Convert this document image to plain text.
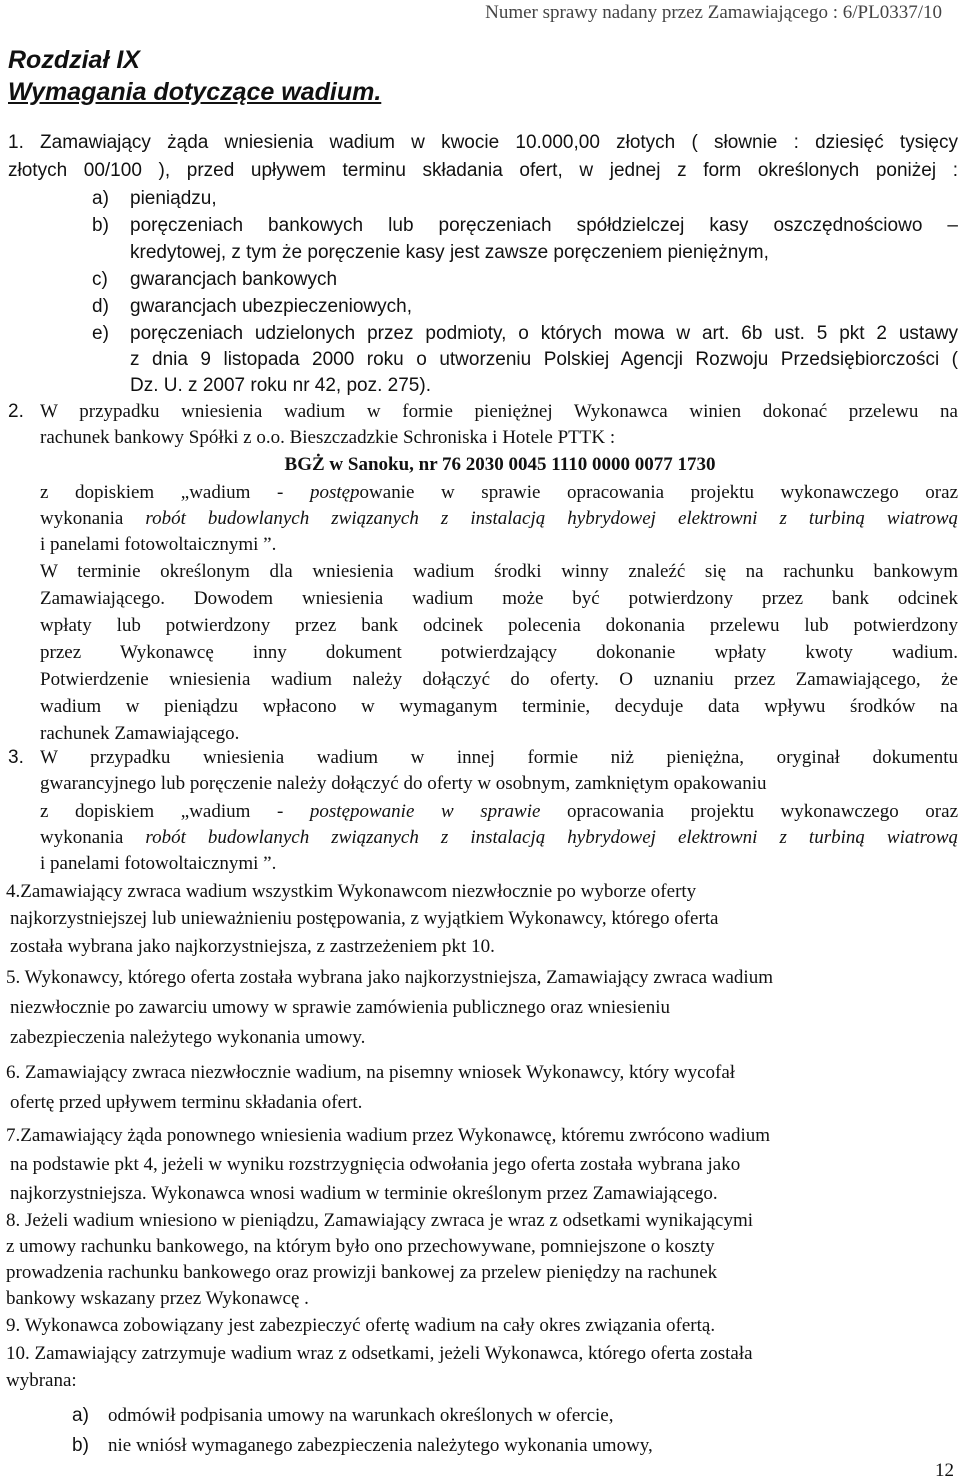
Numer sprawy nadany przez Zamawiającego : 6/PL0337/10
Rozdział IX
Wymagania dotyczące wadium.
1. Zamawiający żąda wniesienia wadium w kwocie 10.000,00 złotych ( słownie : dziesięć tysięcy
złotych 00/100 ), przed upływem terminu składania ofert, w jednej z form określonych poniżej :
a) pieniądzu,
b) poręczeniach bankowych lub poręczeniach spółdzielczej kasy oszczędnościowo –
kredytowej, z tym że poręczenie kasy jest zawsze poręczeniem pieniężnym,
c) gwarancjach bankowych
d) gwarancjach ubezpieczeniowych,
e) poręczeniach udzielonych przez podmioty, o których mowa w art. 6b ust. 5 pkt 2 ustawy
z dnia 9 listopada 2000 roku o utworzeniu Polskiej Agencji Rozwoju Przedsiębiorczości (
Dz. U. z 2007 roku nr 42, poz. 275).
2. W przypadku wniesienia wadium w formie pieniężnej Wykonawca winien dokonać przelewu na
rachunek bankowy Spółki z o.o. Bieszczadzkie Schroniska i Hotele PTTK :
BGŻ w Sanoku, nr 76 2030 0045 1110 0000 0077 1730
z dopiskiem „wadium - postępowanie w sprawie opracowania projektu wykonawczego oraz
wykonania robót budowlanych związanych z instalacją hybrydowej elektrowni z turbiną wiatrową
i panelami fotowoltaicznymi ”.
W terminie określonym dla wniesienia wadium środki winny znaleźć się na rachunku bankowym
Zamawiającego. Dowodem wniesienia wadium może być potwierdzony przez bank odcinek
wpłaty lub potwierdzony przez bank odcinek polecenia dokonania przelewu lub potwierdzony
przez Wykonawcę inny dokument potwierdzający dokonanie wpłaty kwoty wadium.
Potwierdzenie wniesienia wadium należy dołączyć do oferty. O uznaniu przez Zamawiającego, że
wadium w pieniądzu wpłacono w wymaganym terminie, decyduje data wpływu środków na
rachunek Zamawiającego.
3. W przypadku wniesienia wadium w innej formie niż pieniężna, oryginał dokumentu
gwarancyjnego lub poręczenie należy dołączyć do oferty w osobnym, zamkniętym opakowaniu
z dopiskiem „wadium - postępowanie w sprawie opracowania projektu wykonawczego oraz
wykonania robót budowlanych związanych z instalacją hybrydowej elektrowni z turbiną wiatrową
i panelami fotowoltaicznymi ”.
4.Zamawiający zwraca wadium wszystkim Wykonawcom niezwłocznie po wyborze oferty
najkorzystniejszej lub unieważnieniu postępowania, z wyjątkiem Wykonawcy, którego oferta
została wybrana jako najkorzystniejsza, z zastrzeżeniem pkt 10.
5. Wykonawcy, którego oferta została wybrana jako najkorzystniejsza, Zamawiający zwraca wadium
niezwłocznie po zawarciu umowy w sprawie zamówienia publicznego oraz wniesieniu
zabezpieczenia należytego wykonania umowy.
6. Zamawiający zwraca niezwłocznie wadium, na pisemny wniosek Wykonawcy, który wycofał
ofertę przed upływem terminu składania ofert.
7.Zamawiający żąda ponownego wniesienia wadium przez Wykonawcę, któremu zwrócono wadium
na podstawie pkt 4, jeżeli w wyniku rozstrzygnięcia odwołania jego oferta została wybrana jako
najkorzystniejsza. Wykonawca wnosi wadium w terminie określonym przez Zamawiającego.
8. Jeżeli wadium wniesiono w pieniądzu, Zamawiający zwraca je wraz z odsetkami wynikającymi
z umowy rachunku bankowego, na którym było ono przechowywane, pomniejszone o koszty
prowadzenia rachunku bankowego oraz prowizji bankowej za przelew pieniędzy na rachunek
bankowy wskazany przez Wykonawcę .
9. Wykonawca zobowiązany jest zabezpieczyć ofertę wadium na cały okres związania ofertą.
10. Zamawiający zatrzymuje wadium wraz z odsetkami, jeżeli Wykonawca, którego oferta została
wybrana:
a) odmówił podpisania umowy na warunkach określonych w ofercie,
b) nie wniósł wymaganego zabezpieczenia należytego wykonania umowy,
12
